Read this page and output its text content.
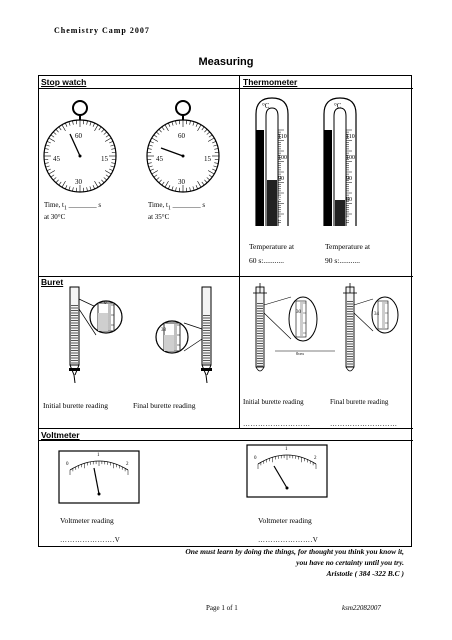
Chemistry Camp 2007
Measuring
Stop watch	Thermometer
Buret
Voltmeter
60
45	15
30
Time, $t_1$ ________ s
at 30°C
60
45	15
30
Time, $t_1$ ________ s
at 35°C
°C
110
100
90
80
70
°C
110
100
90
80
70
Temperature at
60 s:...........
Temperature at
90 s:...........
0
38
Initial burette reading	Final burette reading
……………………….	…………………….
30	34
0cm
Initial burette reading	Final burette reading
………………………	………………………
0
1
2
0
1
2
Voltmeter reading	Voltmeter reading
………………….V	………………….V
One must learn by doing the things, for thought you think you know it,
you have no certainty until you try.
Aristotle ( 384 -322 B.C )
Page 1 of 1	ksm22082007
